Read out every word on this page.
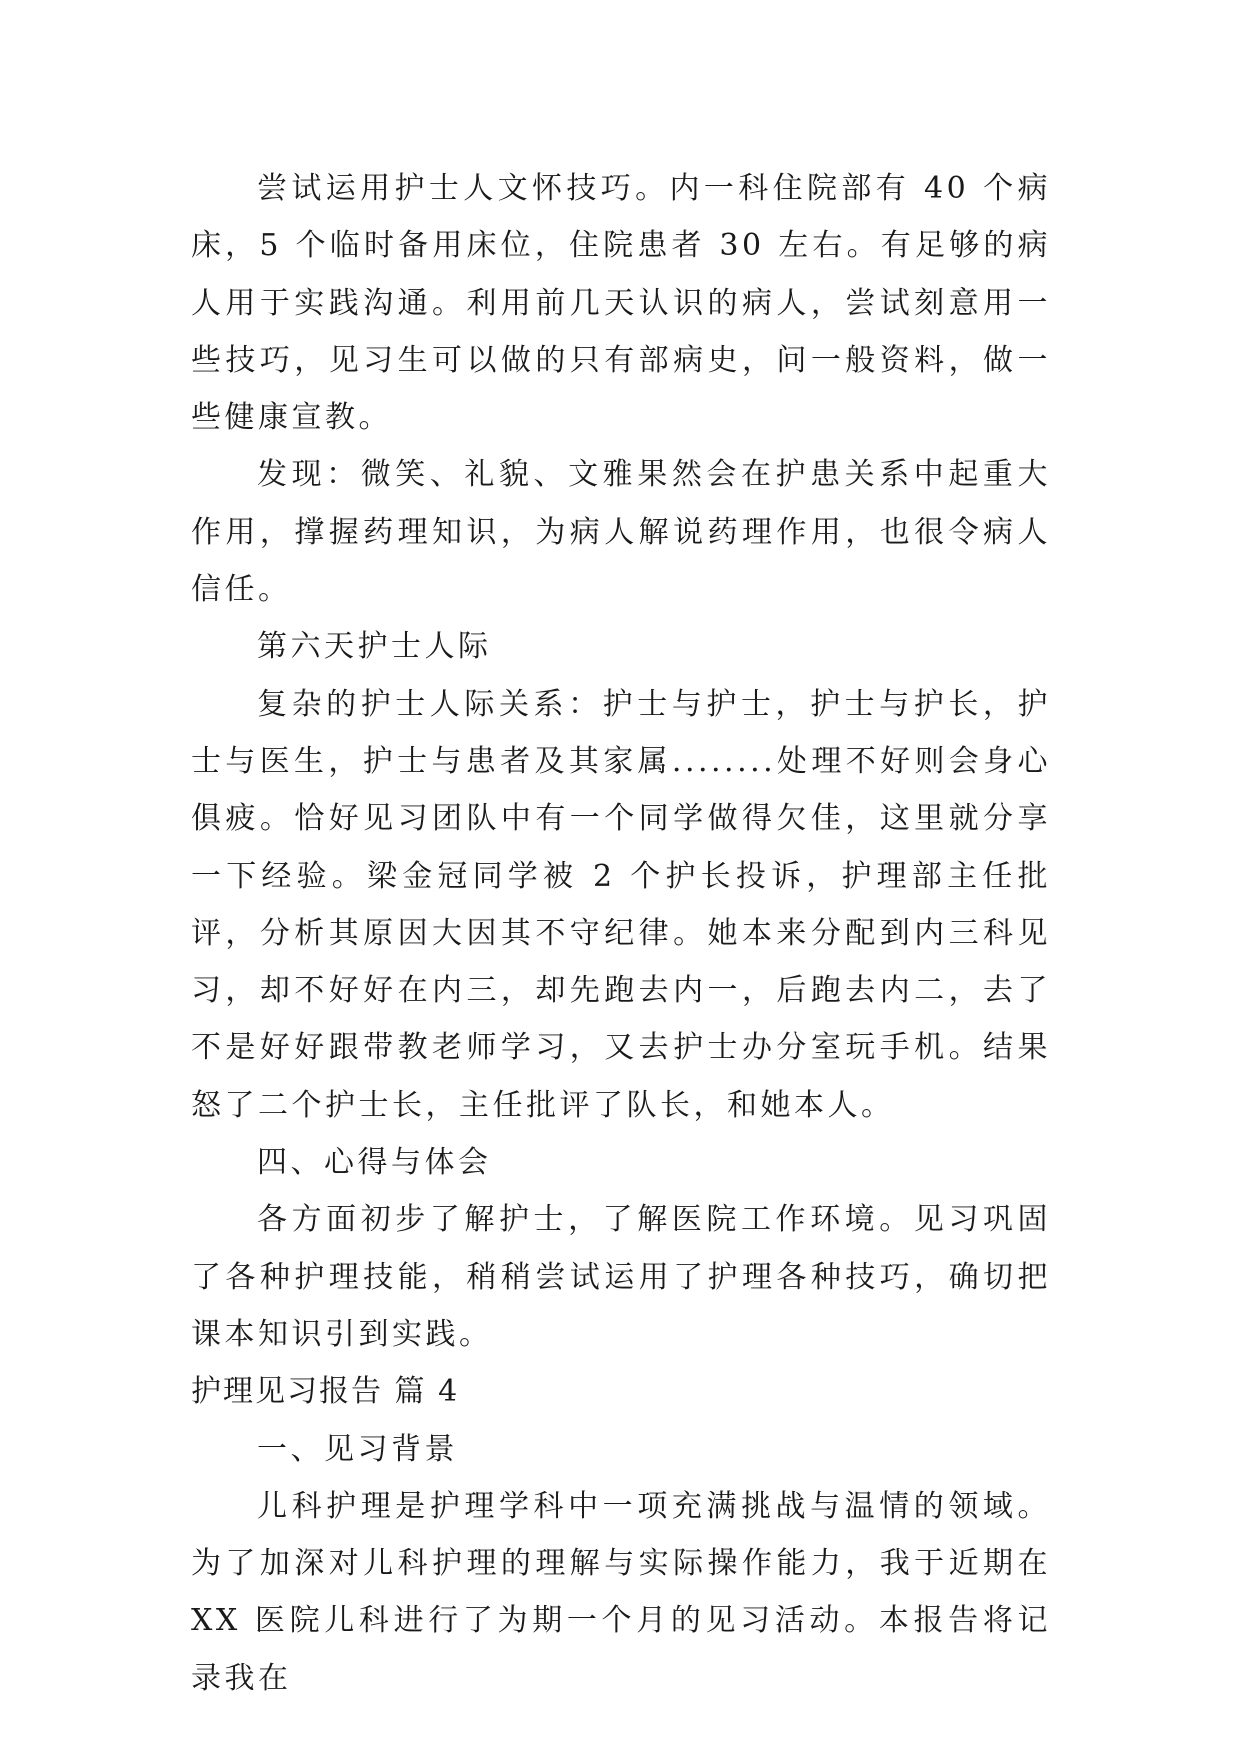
尝试运用护士人文怀技巧。内一科住院部有 40 个病床，5 个临时备用床位，住院患者 30 左右。有足够的病人用于实践沟通。利用前几天认识的病人，尝试刻意用一些技巧，见习生可以做的只有部病史，问一般资料，做一些健康宣教。

发现：微笑、礼貌、文雅果然会在护患关系中起重大作用，撑握药理知识，为病人解说药理作用，也很令病人信任。

第六天护士人际

复杂的护士人际关系：护士与护士，护士与护长，护士与医生，护士与患者及其家属........处理不好则会身心俱疲。恰好见习团队中有一个同学做得欠佳，这里就分享一下经验。梁金冠同学被 2 个护长投诉，护理部主任批评，分析其原因大因其不守纪律。她本来分配到内三科见习，却不好好在内三，却先跑去内一，后跑去内二，去了不是好好跟带教老师学习，又去护士办分室玩手机。结果怒了二个护士长，主任批评了队长，和她本人。

四、心得与体会

各方面初步了解护士，了解医院工作环境。见习巩固了各种护理技能，稍稍尝试运用了护理各种技巧，确切把课本知识引到实践。

护理见习报告 篇 4

一、见习背景

儿科护理是护理学科中一项充满挑战与温情的领域。为了加深对儿科护理的理解与实际操作能力，我于近期在 XX 医院儿科进行了为期一个月的见习活动。本报告将记录我在
